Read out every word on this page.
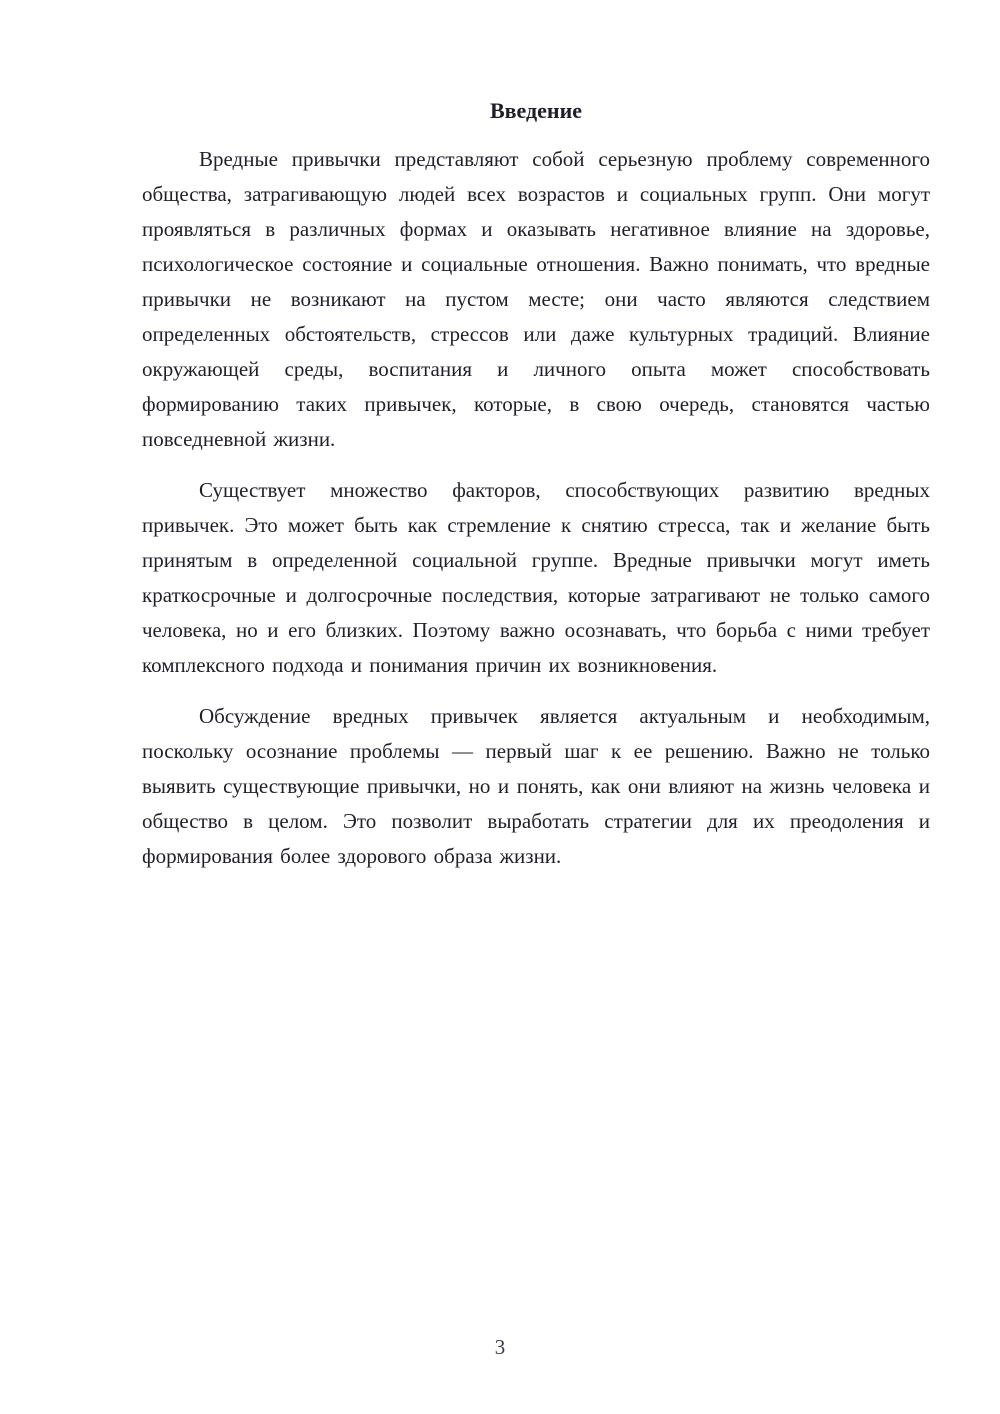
Введение

Вредные привычки представляют собой серьезную проблему современного общества, затрагивающую людей всех возрастов и социальных групп. Они могут проявляться в различных формах и оказывать негативное влияние на здоровье, психологическое состояние и социальные отношения. Важно понимать, что вредные привычки не возникают на пустом месте; они часто являются следствием определенных обстоятельств, стрессов или даже культурных традиций. Влияние окружающей среды, воспитания и личного опыта может способствовать формированию таких привычек, которые, в свою очередь, становятся частью повседневной жизни.

Существует множество факторов, способствующих развитию вредных привычек. Это может быть как стремление к снятию стресса, так и желание быть принятым в определенной социальной группе. Вредные привычки могут иметь краткосрочные и долгосрочные последствия, которые затрагивают не только самого человека, но и его близких. Поэтому важно осознавать, что борьба с ними требует комплексного подхода и понимания причин их возникновения.

Обсуждение вредных привычек является актуальным и необходимым, поскольку осознание проблемы — первый шаг к ее решению. Важно не только выявить существующие привычки, но и понять, как они влияют на жизнь человека и общество в целом. Это позволит выработать стратегии для их преодоления и формирования более здорового образа жизни.

3
